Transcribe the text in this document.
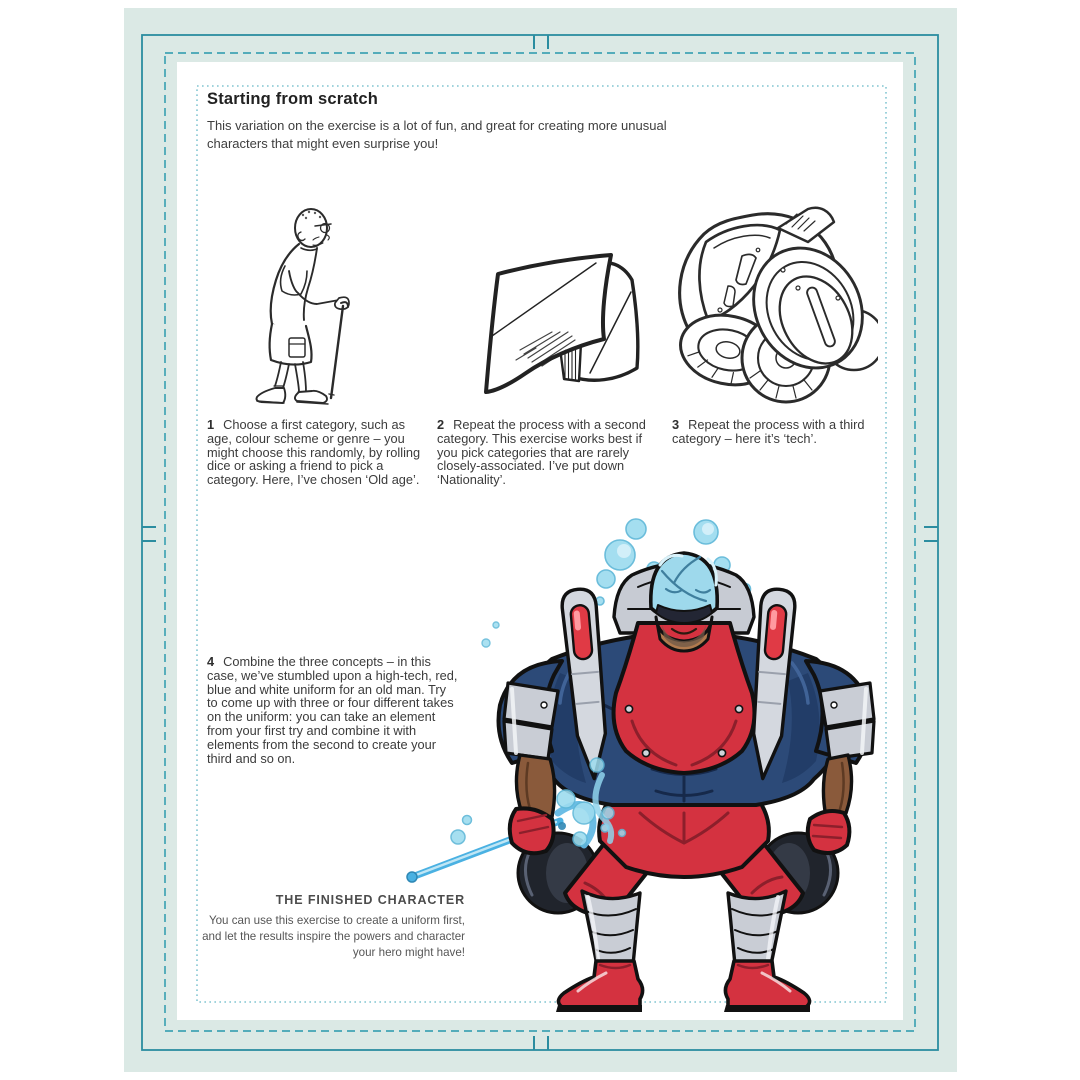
Starting from scratch
This variation on the exercise is a lot of fun, and great for creating more unusual characters that might even surprise you!

1 Choose a first category, such as age, colour scheme or genre – you might choose this randomly, by rolling dice or asking a friend to pick a category. Here, I’ve chosen ‘Old age’.

2 Repeat the process with a second category. This exercise works best if you pick categories that are rarely closely-associated. I’ve put down ‘Nationality’.

3 Repeat the process with a third category – here it’s ‘tech’.

4 Combine the three concepts – in this case, we’ve stumbled upon a high-tech, red, blue and white uniform for an old man. Try to come up with three or four different takes on the uniform: you can take an element from your first try and combine it with elements from the second to create your third and so on.

THE FINISHED CHARACTER
You can use this exercise to create a uniform first, and let the results inspire the powers and character your hero might have!
